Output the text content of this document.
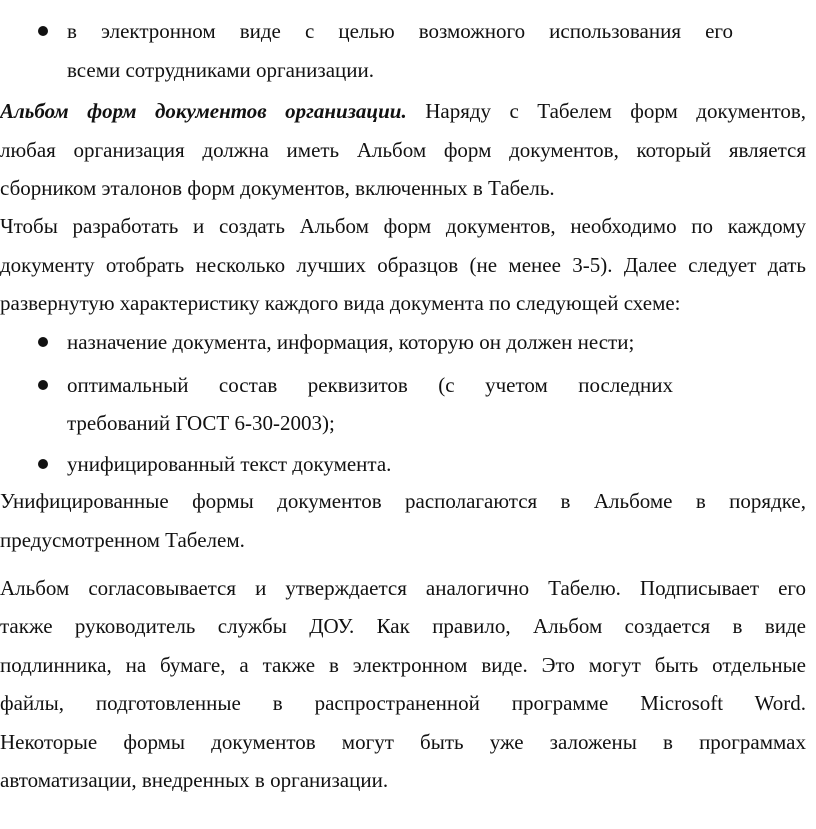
в электронном виде с целью возможного использования его
всеми сотрудниками организации.
Альбом форм документов организации. Наряду с Табелем форм документов,
любая организация должна иметь Альбом форм документов, который является
сборником эталонов форм документов, включенных в Табель.
Чтобы разработать и создать Альбом форм документов, необходимо по каждому
документу отобрать несколько лучших образцов (не менее 3-5). Далее следует дать
развернутую характеристику каждого вида документа по следующей схеме:
назначение документа, информация, которую он должен нести;
оптимальный состав реквизитов (с учетом последних
требований ГОСТ 6-30-2003);
унифицированный текст документа.
Унифицированные формы документов располагаются в Альбоме в порядке,
предусмотренном Табелем.
Альбом согласовывается и утверждается аналогично Табелю. Подписывает его
также руководитель службы ДОУ. Как правило, Альбом создается в виде
подлинника, на бумаге, а также в электронном виде. Это могут быть отдельные
файлы, подготовленные в распространенной программе Microsoft Word.
Некоторые формы документов могут быть уже заложены в программах
автоматизации, внедренных в организации.
